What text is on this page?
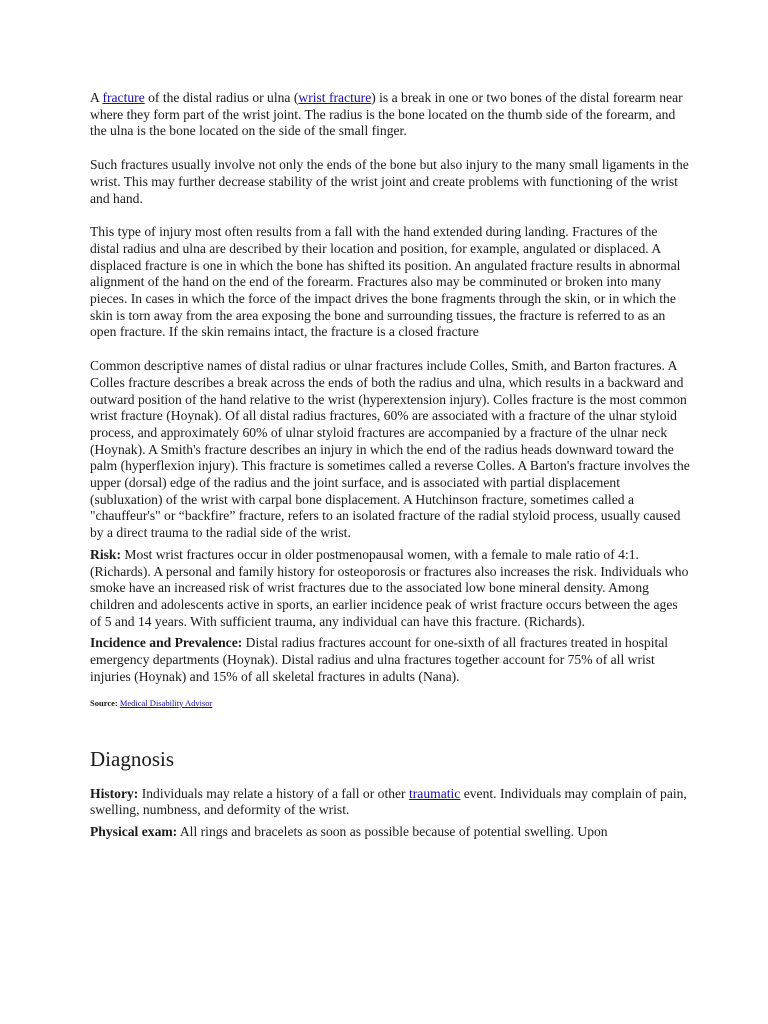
A fracture of the distal radius or ulna (wrist fracture) is a break in one or two bones of the distal forearm near where they form part of the wrist joint. The radius is the bone located on the thumb side of the forearm, and the ulna is the bone located on the side of the small finger.

Such fractures usually involve not only the ends of the bone but also injury to the many small ligaments in the wrist. This may further decrease stability of the wrist joint and create problems with functioning of the wrist and hand.

This type of injury most often results from a fall with the hand extended during landing. Fractures of the distal radius and ulna are described by their location and position, for example, angulated or displaced. A displaced fracture is one in which the bone has shifted its position. An angulated fracture results in abnormal alignment of the hand on the end of the forearm. Fractures also may be comminuted or broken into many pieces. In cases in which the force of the impact drives the bone fragments through the skin, or in which the skin is torn away from the area exposing the bone and surrounding tissues, the fracture is referred to as an open fracture. If the skin remains intact, the fracture is a closed fracture

Common descriptive names of distal radius or ulnar fractures include Colles, Smith, and Barton fractures. A Colles fracture describes a break across the ends of both the radius and ulna, which results in a backward and outward position of the hand relative to the wrist (hyperextension injury). Colles fracture is the most common wrist fracture (Hoynak). Of all distal radius fractures, 60% are associated with a fracture of the ulnar styloid process, and approximately 60% of ulnar styloid fractures are accompanied by a fracture of the ulnar neck (Hoynak). A Smith's fracture describes an injury in which the end of the radius heads downward toward the palm (hyperflexion injury). This fracture is sometimes called a reverse Colles. A Barton's fracture involves the upper (dorsal) edge of the radius and the joint surface, and is associated with partial displacement (subluxation) of the wrist with carpal bone displacement. A Hutchinson fracture, sometimes called a "chauffeur's" or “backfire” fracture, refers to an isolated fracture of the radial styloid process, usually caused by a direct trauma to the radial side of the wrist.

Risk: Most wrist fractures occur in older postmenopausal women, with a female to male ratio of 4:1. (Richards). A personal and family history for osteoporosis or fractures also increases the risk. Individuals who smoke have an increased risk of wrist fractures due to the associated low bone mineral density. Among children and adolescents active in sports, an earlier incidence peak of wrist fracture occurs between the ages of 5 and 14 years. With sufficient trauma, any individual can have this fracture. (Richards).

Incidence and Prevalence: Distal radius fractures account for one-sixth of all fractures treated in hospital emergency departments (Hoynak). Distal radius and ulna fractures together account for 75% of all wrist injuries (Hoynak) and 15% of all skeletal fractures in adults (Nana).

Source: Medical Disability Advisor

Diagnosis

History: Individuals may relate a history of a fall or other traumatic event. Individuals may complain of pain, swelling, numbness, and deformity of the wrist.

Physical exam: All rings and bracelets as soon as possible because of potential swelling. Upon
